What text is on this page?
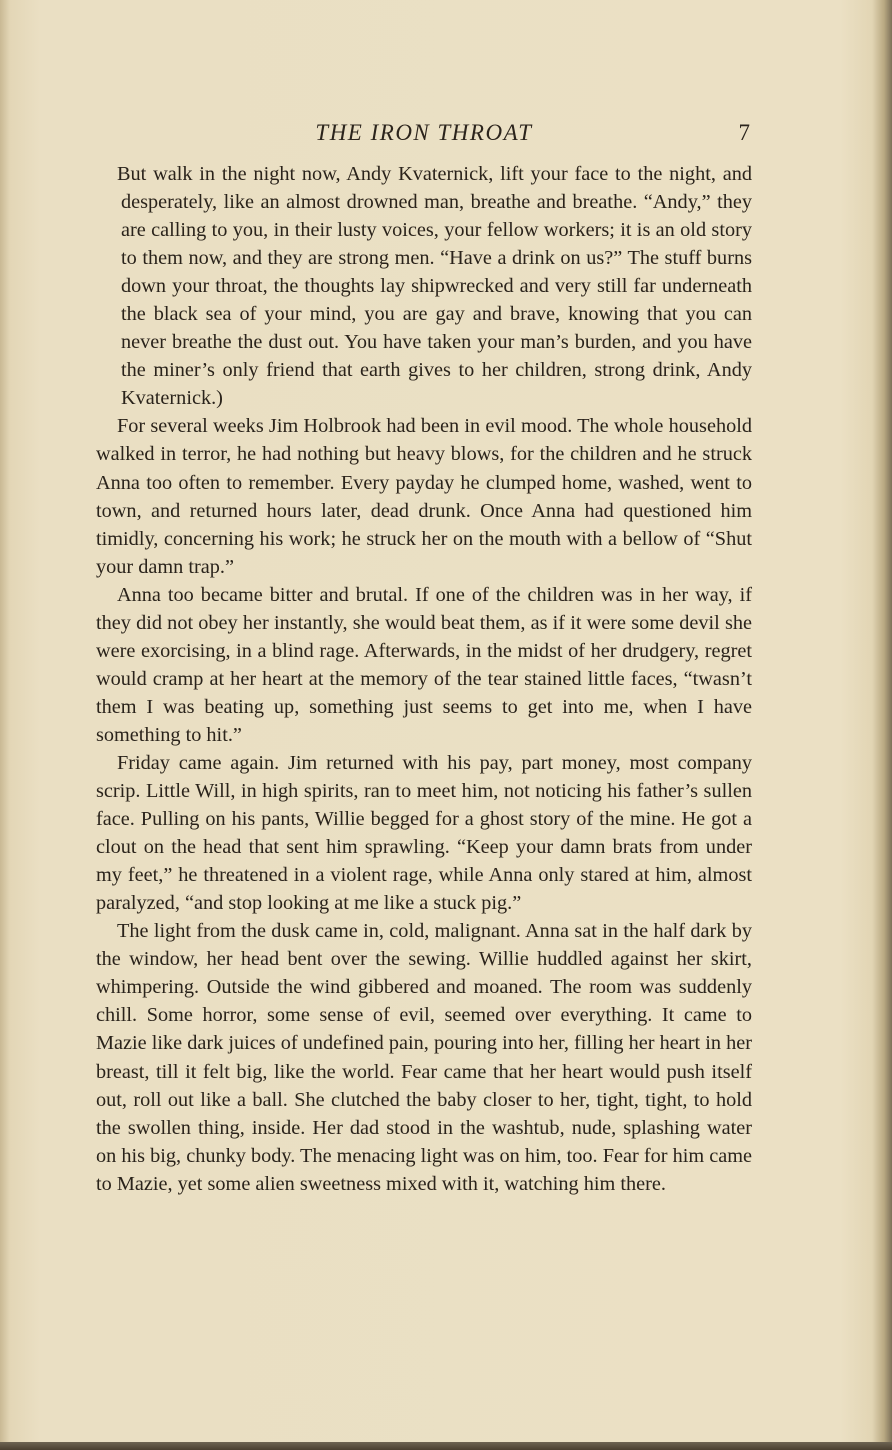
THE IRON THROAT	7

But walk in the night now, Andy Kvaternick, lift your face to the night, and desperately, like an almost drowned man, breathe and breathe. “Andy,” they are calling to you, in their lusty voices, your fellow workers; it is an old story to them now, and they are strong men. “Have a drink on us?” The stuff burns down your throat, the thoughts lay shipwrecked and very still far underneath the black sea of your mind, you are gay and brave, knowing that you can never breathe the dust out. You have taken your man’s burden, and you have the miner’s only friend that earth gives to her children, strong drink, Andy Kvaternick.)

For several weeks Jim Holbrook had been in evil mood. The whole household walked in terror, he had nothing but heavy blows, for the children and he struck Anna too often to remember. Every payday he clumped home, washed, went to town, and returned hours later, dead drunk. Once Anna had questioned him timidly, concerning his work; he struck her on the mouth with a bellow of “Shut your damn trap.”

Anna too became bitter and brutal. If one of the children was in her way, if they did not obey her instantly, she would beat them, as if it were some devil she were exorcising, in a blind rage. Afterwards, in the midst of her drudgery, regret would cramp at her heart at the memory of the tear stained little faces, “twasn’t them I was beating up, something just seems to get into me, when I have something to hit.”

Friday came again. Jim returned with his pay, part money, most company scrip. Little Will, in high spirits, ran to meet him, not noticing his father’s sullen face. Pulling on his pants, Willie begged for a ghost story of the mine. He got a clout on the head that sent him sprawling. “Keep your damn brats from under my feet,” he threatened in a violent rage, while Anna only stared at him, almost paralyzed, “and stop looking at me like a stuck pig.”

The light from the dusk came in, cold, malignant. Anna sat in the half dark by the window, her head bent over the sewing. Willie huddled against her skirt, whimpering. Outside the wind gibbered and moaned. The room was suddenly chill. Some horror, some sense of evil, seemed over everything. It came to Mazie like dark juices of undefined pain, pouring into her, filling her heart in her breast, till it felt big, like the world. Fear came that her heart would push itself out, roll out like a ball. She clutched the baby closer to her, tight, tight, to hold the swollen thing, inside. Her dad stood in the washtub, nude, splashing water on his big, chunky body. The menacing light was on him, too. Fear for him came to Mazie, yet some alien sweetness mixed with it, watching him there.
